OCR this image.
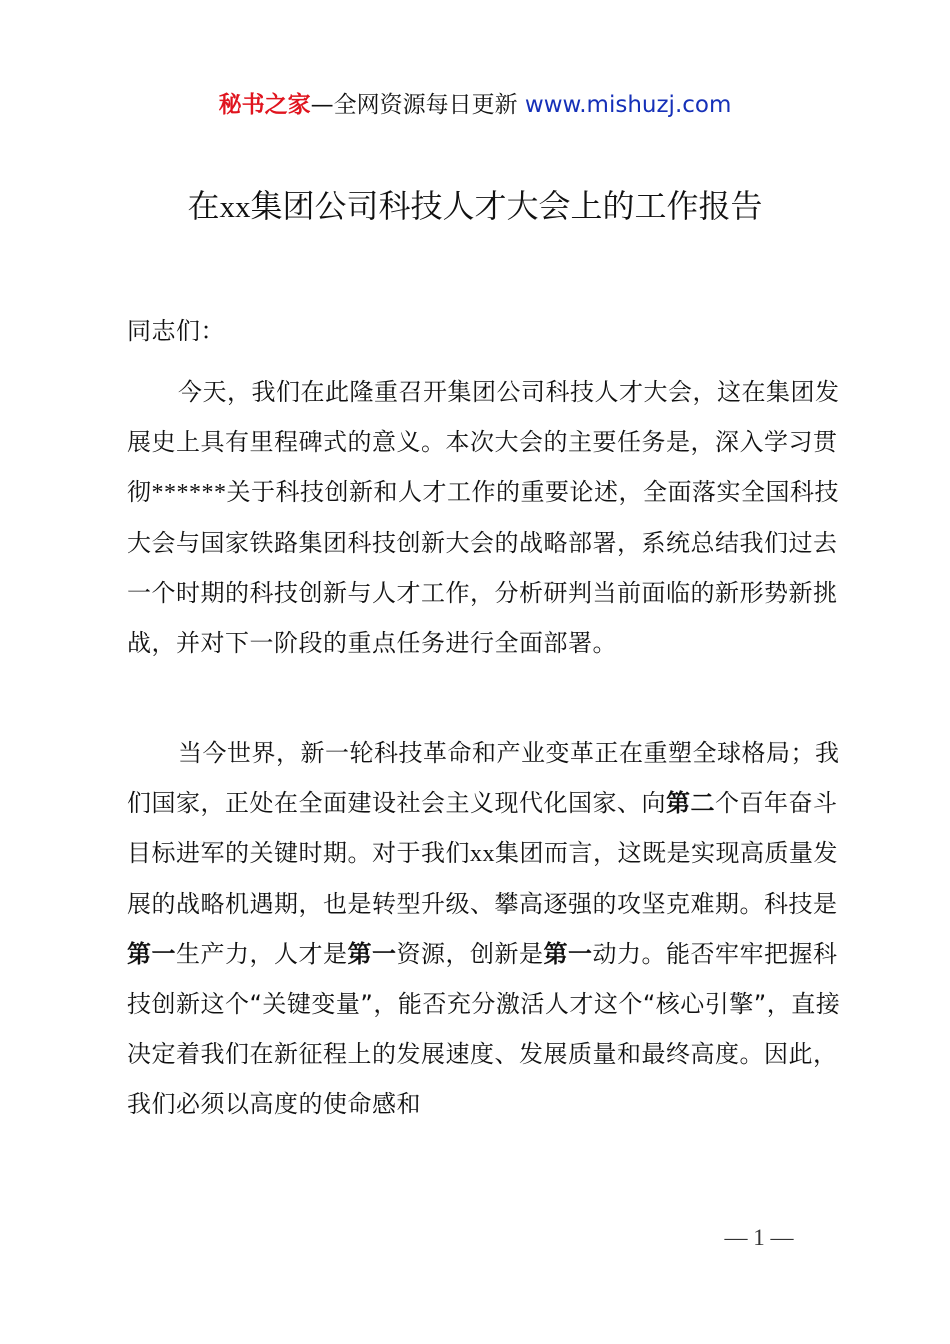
秘书之家—全网资源每日更新 www.mishuzj.com
在xx集团公司科技人才大会上的工作报告
同志们：

今天，我们在此隆重召开集团公司科技人才大会，这在集团发展史上具有里程碑式的意义。本次大会的主要任务是，深入学习贯彻******关于科技创新和人才工作的重要论述，全面落实全国科技大会与国家铁路集团科技创新大会的战略部署，系统总结我们过去一个时期的科技创新与人才工作，分析研判当前面临的新形势新挑战，并对下一阶段的重点任务进行全面部署。

当今世界，新一轮科技革命和产业变革正在重塑全球格局；我们国家，正处在全面建设社会主义现代化国家、向第二个百年奋斗目标进军的关键时期。对于我们xx集团而言，这既是实现高质量发展的战略机遇期，也是转型升级、攀高逐强的攻坚克难期。科技是第一生产力，人才是第一资源，创新是第一动力。能否牢牢把握科技创新这个“关键变量”，能否充分激活人才这个“核心引擎”，直接决定着我们在新征程上的发展速度、发展质量和最终高度。因此，我们必须以高度的使命感和

— 1 —
